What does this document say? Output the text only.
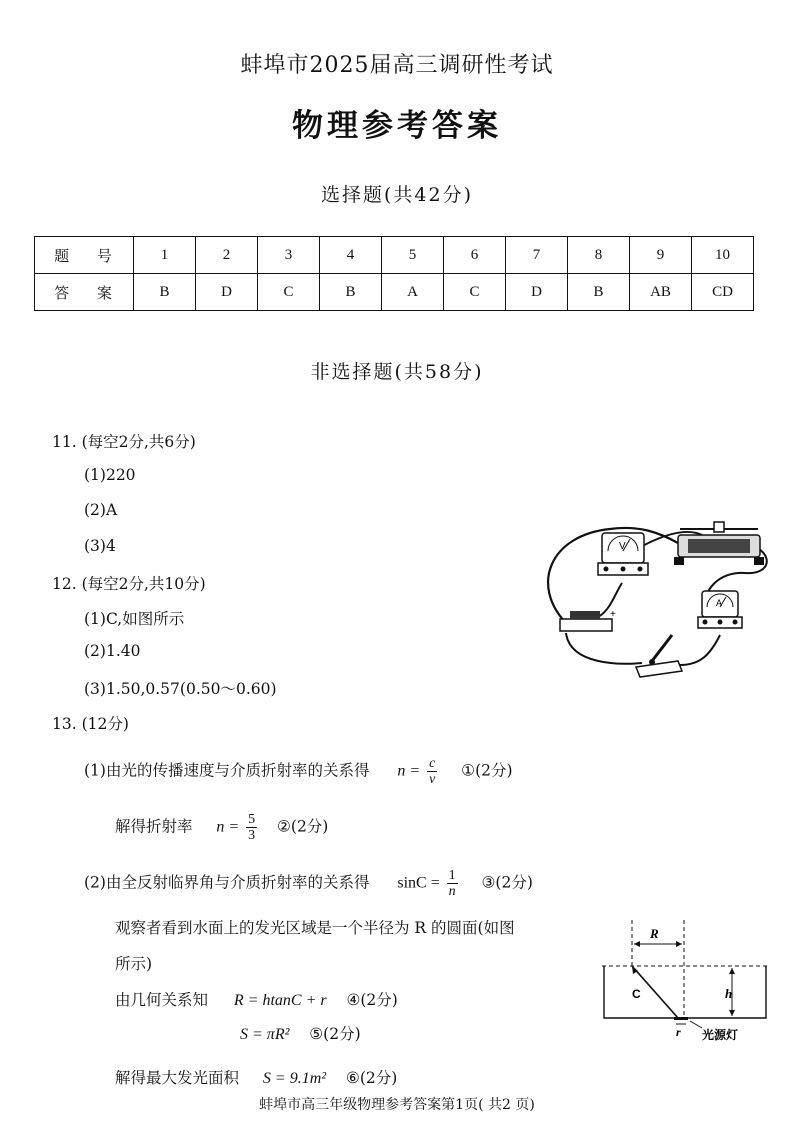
蚌埠市2025届高三调研性考试
物理参考答案
选择题(共42分)
题 号	1	2	3	4	5	6	7	8	9	10
答 案	B	D	C	B	A	C	D	B	AB	CD
非选择题(共58分)
11. (每空2分,共6分)
(1)220
(2)A
(3)4
12. (每空2分,共10分)
(1)C,如图所示
(2)1.40
(3)1.50,0.57(0.50～0.60)
13. (12分)
(1)由光的传播速度与介质折射率的关系得 $n = \frac{c}{v}$ ①(2分)
解得折射率 $n = \frac{5}{3}$ ②(2分)
(2)由全反射临界角与介质折射率的关系得 $\sin C = \frac{1}{n}$ ③(2分)
观察者看到水面上的发光区域是一个半径为 R 的圆面(如图
所示)
由几何关系知 R = htanC + r ④(2分)
S = πR² ⑤(2分)
解得最大发光面积 S = 9.1m² ⑥(2分)
V
A
+
R
C	h
r 光源灯
蚌埠市高三年级物理参考答案第1页( 共2 页)
